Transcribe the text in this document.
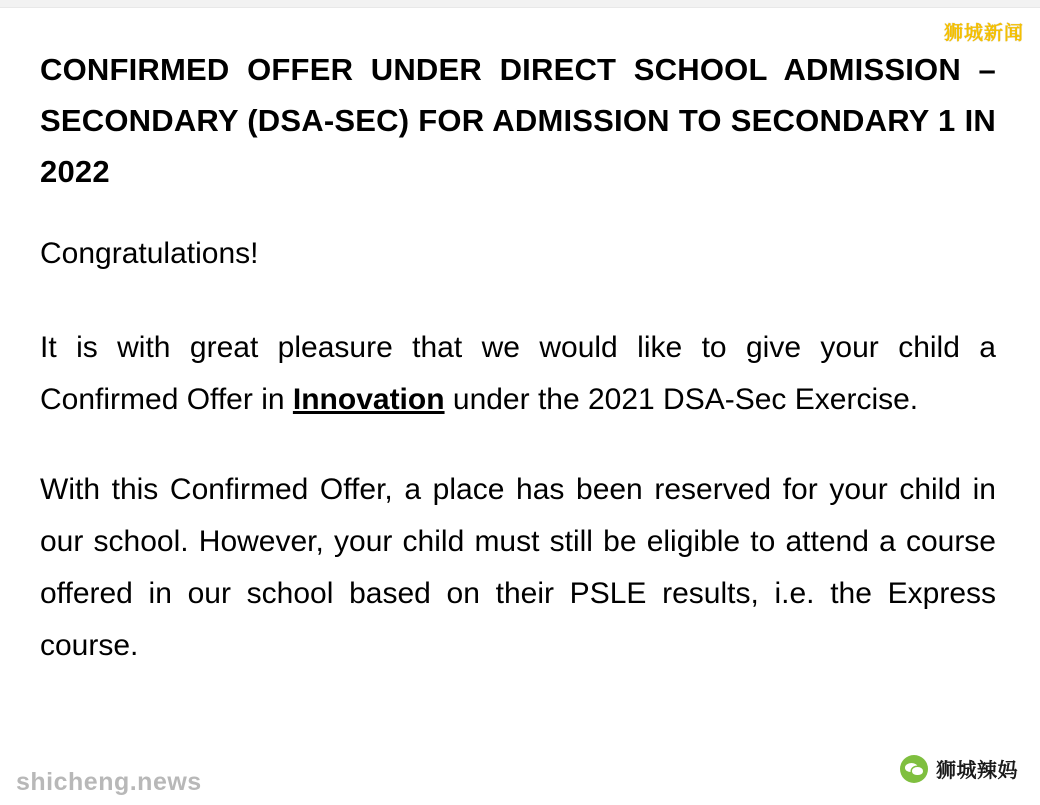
CONFIRMED OFFER UNDER DIRECT SCHOOL ADMISSION – SECONDARY (DSA-SEC) FOR ADMISSION TO SECONDARY 1 IN 2022

Congratulations!

It is with great pleasure that we would like to give your child a Confirmed Offer in Innovation under the 2021 DSA-Sec Exercise.

With this Confirmed Offer, a place has been reserved for your child in our school. However, your child must still be eligible to attend a course offered in our school based on their PSLE results, i.e. the Express course.

狮城新闻
shicheng.news	狮城辣妈
